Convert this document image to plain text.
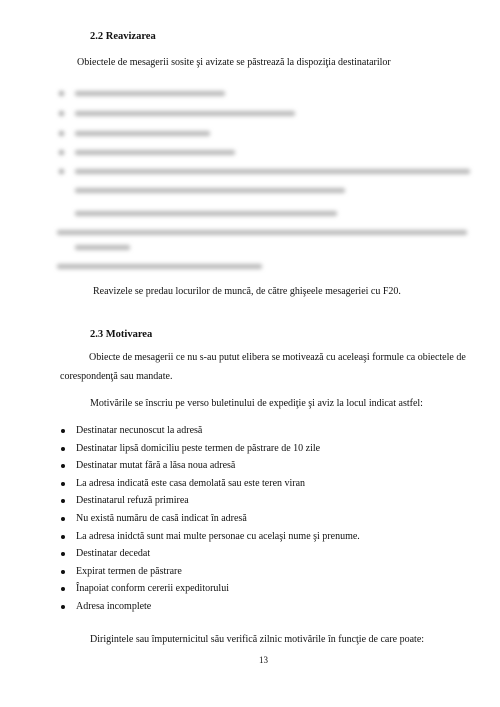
2.2 Reavizarea
Obiectele de mesagerii sosite şi avizate se păstrează la dispoziţia destinatarilor
Reavizele se predau locurilor de muncă, de către ghişeele mesageriei cu F20.
2.3 Motivarea
Obiecte de mesagerii ce nu s-au putut elibera se motivează cu aceleaşi formule ca obiectele de corespondenţă sau mandate.
Motivările se înscriu pe verso buletinului de expediţie şi aviz la locul indicat astfel:
Destinatar necunoscut la adresă
Destinatar lipsă domiciliu peste termen de păstrare de 10 zile
Destinatar mutat fără a lăsa noua adresă
La adresa indicată este casa demolată sau este teren viran
Destinatarul refuză primirea
Nu există număru de casă indicat în adresă
La adresa inidctă sunt mai multe personae cu acelaşi nume şi prenume.
Destinatar decedat
Expirat termen de păstrare
Înapoiat conform cererii expeditorului
Adresa incomplete
Dirigintele sau împuternicitul său verifică zilnic motivările în funcţie de care poate:
13
